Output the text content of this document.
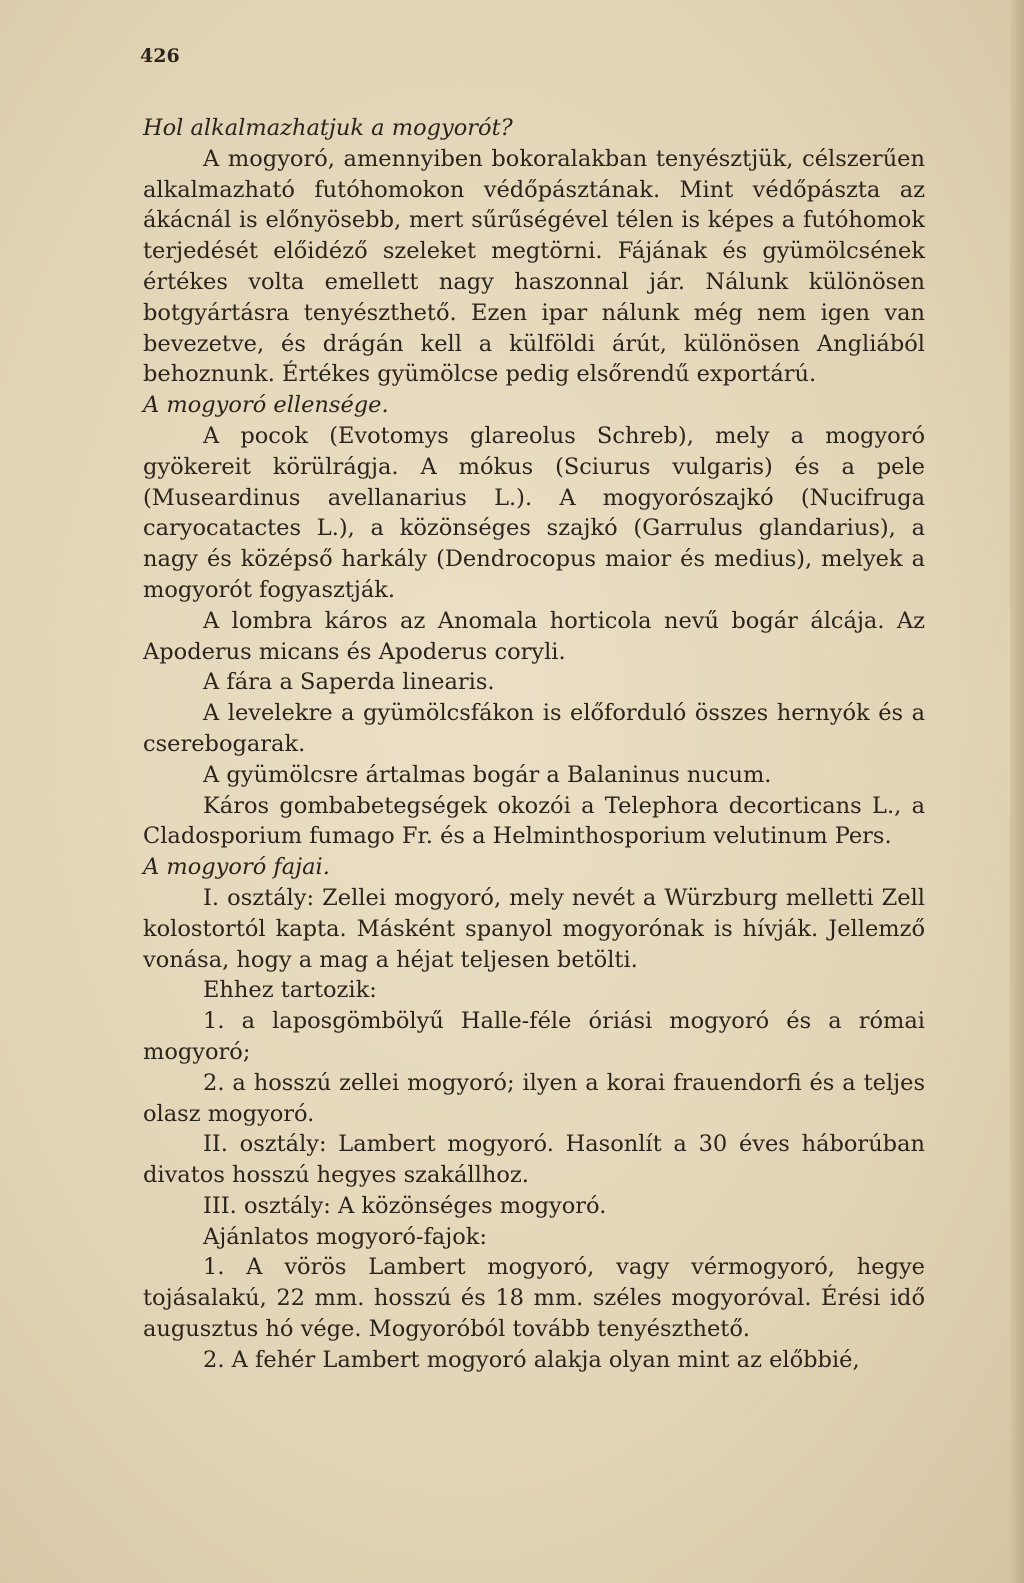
426

Hol alkalmazhatjuk a mogyorót?

A mogyoró, amennyiben bokoralakban tenyésztjük, célszerűen alkalmazható futóhomokon védőpásztának. Mint védőpászta az ákácnál is előnyösebb, mert sűrűségével télen is képes a futóhomok terjedését előidéző szeleket megtörni. Fájának és gyümölcsének értékes volta emellett nagy haszonnal jár. Nálunk különösen botgyártásra tenyészthető. Ezen ipar nálunk még nem igen van bevezetve, és drágán kell a külföldi árút, különösen Angliából behoznunk. Értékes gyümölcse pedig elsőrendű exportárú.

A mogyoró ellensége.

A pocok (Evotomys glareolus Schreb), mely a mogyoró gyökereit körülrágja. A mókus (Sciurus vulgaris) és a pele (Museardinus avellanarius L.). A mogyorószajkó (Nucifruga caryocatactes L.), a közönséges szajkó (Garrulus glandarius), a nagy és középső harkály (Dendrocopus maior és medius), melyek a mogyorót fogyasztják.

A lombra káros az Anomala horticola nevű bogár álcája. Az Apoderus micans és Apoderus coryli.

A fára a Saperda linearis.

A levelekre a gyümölcsfákon is előforduló összes hernyók és a cserebogarak.

A gyümölcsre ártalmas bogár a Balaninus nucum.

Káros gombabetegségek okozói a Telephora decorticans L., a Cladosporium fumago Fr. és a Helminthosporium velutinum Pers.

A mogyoró fajai.

I. osztály: Zellei mogyoró, mely nevét a Würzburg melletti Zell kolostortól kapta. Másként spanyol mogyorónak is hívják. Jellemző vonása, hogy a mag a héjat teljesen betölti.

Ehhez tartozik:

1. a laposgömbölyű Halle-féle óriási mogyoró és a római mogyoró;

2. a hosszú zellei mogyoró; ilyen a korai frauendorfi és a teljes olasz mogyoró.

II. osztály: Lambert mogyoró. Hasonlít a 30 éves háborúban divatos hosszú hegyes szakállhoz.

III. osztály: A közönséges mogyoró.

Ajánlatos mogyoró-fajok:

1. A vörös Lambert mogyoró, vagy vérmogyoró, hegye tojásalakú, 22 mm. hosszú és 18 mm. széles mogyoróval. Érési idő augusztus hó vége. Mogyoróból tovább tenyészthető.

2. A fehér Lambert mogyoró alakja olyan mint az előbbié,
